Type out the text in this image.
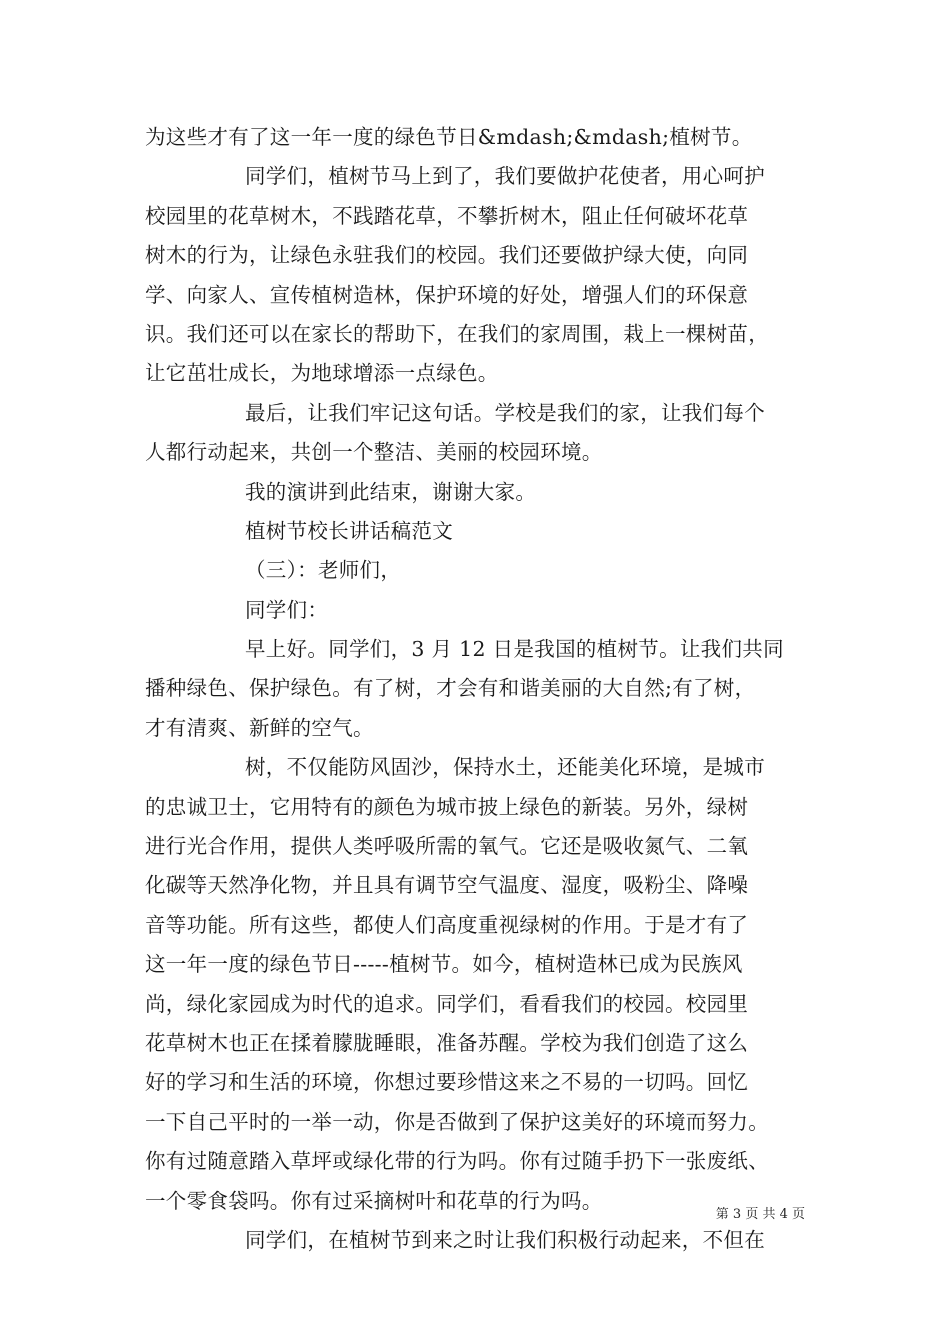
为这些才有了这一年一度的绿色节日&mdash;&mdash;植树节。
同学们，植树节马上到了，我们要做护花使者，用心呵护
校园里的花草树木，不践踏花草，不攀折树木，阻止任何破坏花草
树木的行为，让绿色永驻我们的校园。我们还要做护绿大使，向同
学、向家人、宣传植树造林，保护环境的好处，增强人们的环保意
识。我们还可以在家长的帮助下，在我们的家周围，栽上一棵树苗，
让它茁壮成长，为地球增添一点绿色。
最后，让我们牢记这句话。学校是我们的家，让我们每个
人都行动起来，共创一个整洁、美丽的校园环境。
我的演讲到此结束，谢谢大家。
植树节校长讲话稿范文
（三）：老师们，
同学们：
早上好。同学们，3 月 12 日是我国的植树节。让我们共同
播种绿色、保护绿色。有了树，才会有和谐美丽的大自然;有了树，
才有清爽、新鲜的空气。
树，不仅能防风固沙，保持水土，还能美化环境，是城市
的忠诚卫士，它用特有的颜色为城市披上绿色的新装。另外，绿树
进行光合作用，提供人类呼吸所需的氧气。它还是吸收氮气、二氧
化碳等天然净化物，并且具有调节空气温度、湿度，吸粉尘、降噪
音等功能。所有这些，都使人们高度重视绿树的作用。于是才有了
这一年一度的绿色节日-----植树节。如今，植树造林已成为民族风
尚，绿化家园成为时代的追求。同学们，看看我们的校园。校园里
花草树木也正在揉着朦胧睡眼，准备苏醒。学校为我们创造了这么
好的学习和生活的环境，你想过要珍惜这来之不易的一切吗。回忆
一下自己平时的一举一动，你是否做到了保护这美好的环境而努力。
你有过随意踏入草坪或绿化带的行为吗。你有过随手扔下一张废纸、
一个零食袋吗。你有过采摘树叶和花草的行为吗。
同学们，在植树节到来之时让我们积极行动起来，不但在
第 3 页 共 4 页
